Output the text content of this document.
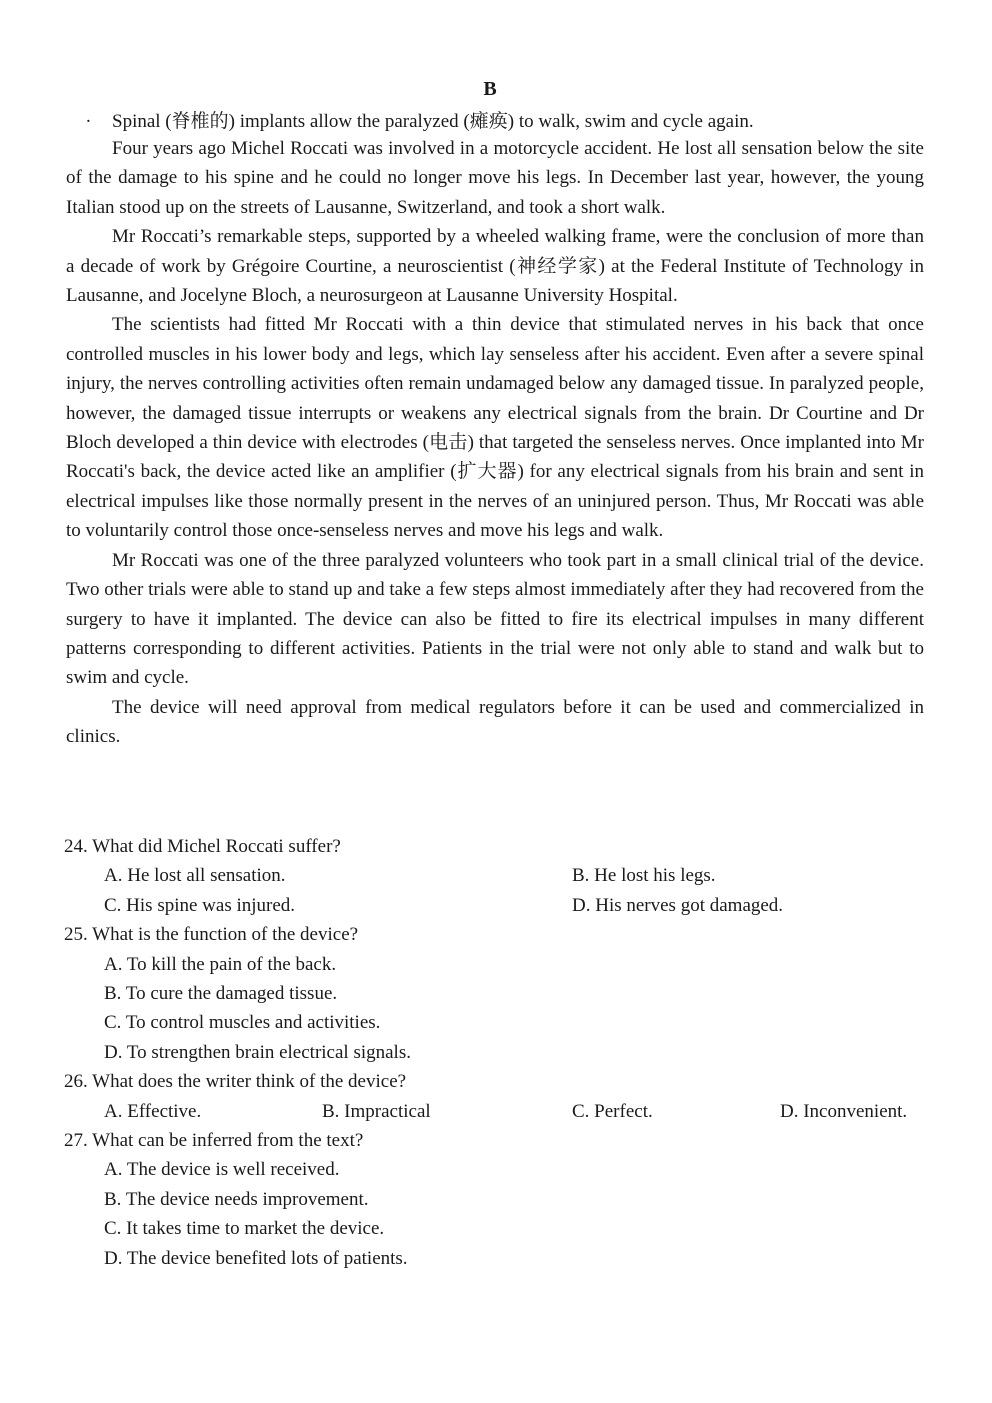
B
. Spinal (脊椎的) implants allow the paralyzed (瘫痪) to walk, swim and cycle again.

Four years ago Michel Roccati was involved in a motorcycle accident. He lost all sensation below the site of the damage to his spine and he could no longer move his legs. In December last year, however, the young Italian stood up on the streets of Lausanne, Switzerland, and took a short walk.

Mr Roccati’s remarkable steps, supported by a wheeled walking frame, were the conclusion of more than a decade of work by Grégoire Courtine, a neuroscientist (神经学家) at the Federal Institute of Technology in Lausanne, and Jocelyne Bloch, a neurosurgeon at Lausanne University Hospital.

The scientists had fitted Mr Roccati with a thin device that stimulated nerves in his back that once controlled muscles in his lower body and legs, which lay senseless after his accident. Even after a severe spinal injury, the nerves controlling activities often remain undamaged below any damaged tissue. In paralyzed people, however, the damaged tissue interrupts or weakens any electrical signals from the brain. Dr Courtine and Dr Bloch developed a thin device with electrodes (电击) that targeted the senseless nerves. Once implanted into Mr Roccati's back, the device acted like an amplifier (扩大器) for any electrical signals from his brain and sent in electrical impulses like those normally present in the nerves of an uninjured person. Thus, Mr Roccati was able to voluntarily control those once-senseless nerves and move his legs and walk.

Mr Roccati was one of the three paralyzed volunteers who took part in a small clinical trial of the device. Two other trials were able to stand up and take a few steps almost immediately after they had recovered from the surgery to have it implanted. The device can also be fitted to fire its electrical impulses in many different patterns corresponding to different activities. Patients in the trial were not only able to stand and walk but to swim and cycle.

The device will need approval from medical regulators before it can be used and commercialized in clinics.

24. What did Michel Roccati suffer?
A. He lost all sensation.	B. He lost his legs.
C. His spine was injured.	D. His nerves got damaged.
25. What is the function of the device?
A. To kill the pain of the back.
B. To cure the damaged tissue.
C. To control muscles and activities.
D. To strengthen brain electrical signals.
26. What does the writer think of the device?
A. Effective.	B. Impractical	C. Perfect.	D. Inconvenient.
27. What can be inferred from the text?
A. The device is well received.
B. The device needs improvement.
C. It takes time to market the device.
D. The device benefited lots of patients.
